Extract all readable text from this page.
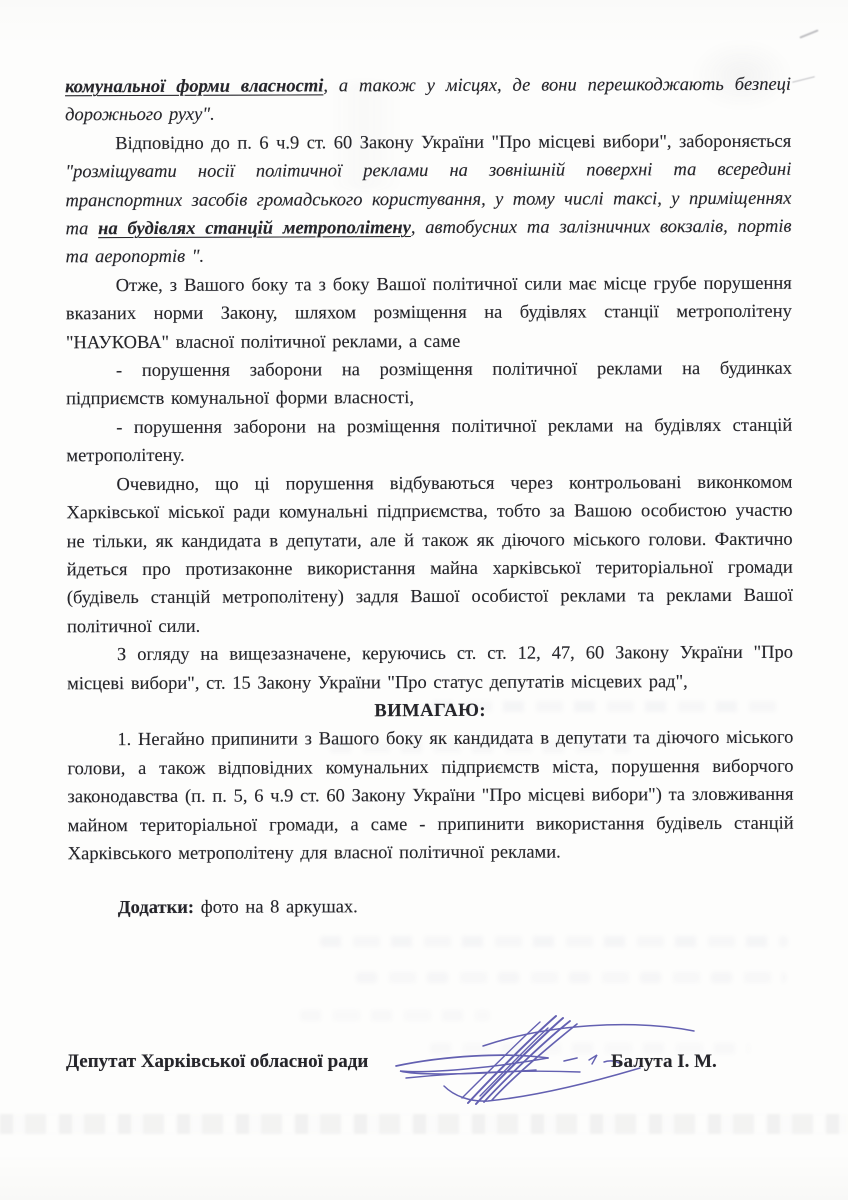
комунальної форми власності, а також у місцях, де вони перешкоджають безпеці дорожнього руху".

Відповідно до п. 6 ч.9 ст. 60 Закону України "Про місцеві вибори", забороняється "розміщувати носії політичної реклами на зовнішній поверхні та всередині транспортних засобів громадського користування, у тому числі таксі, у приміщеннях та на будівлях станцій метрополітену, автобусних та залізничних вокзалів, портів та аеропортів ".

Отже, з Вашого боку та з боку Вашої політичної сили має місце грубе порушення вказаних норми Закону, шляхом розміщення на будівлях станції метрополітену "НАУКОВА" власної політичної реклами, а саме

- порушення заборони на розміщення політичної реклами на будинках підприємств комунальної форми власності,

- порушення заборони на розміщення політичної реклами на будівлях станцій метрополітену.

Очевидно, що ці порушення відбуваються через контрольовані виконкомом Харківської міської ради комунальні підприємства, тобто за Вашою особистою участю не тільки, як кандидата в депутати, але й також як діючого міського голови. Фактично йдеться про протизаконне використання майна харківської територіальної громади (будівель станцій метрополітену) задля Вашої особистої реклами та реклами Вашої політичної сили.

З огляду на вищезазначене, керуючись ст. ст. 12, 47, 60 Закону України "Про місцеві вибори", ст. 15 Закону України "Про статус депутатів місцевих рад",

ВИМАГАЮ:

1. Негайно припинити з Вашого боку як кандидата в депутати та діючого міського голови, а також відповідних комунальних підприємств міста, порушення виборчого законодавства (п. п. 5, 6 ч.9 ст. 60 Закону України "Про місцеві вибори") та зловживання майном територіальної громади, а саме - припинити використання будівель станцій Харківського метрополітену для власної політичної реклами.

Додатки: фото на 8 аркушах.

Депутат Харківської обласної ради	Балута І. М.
